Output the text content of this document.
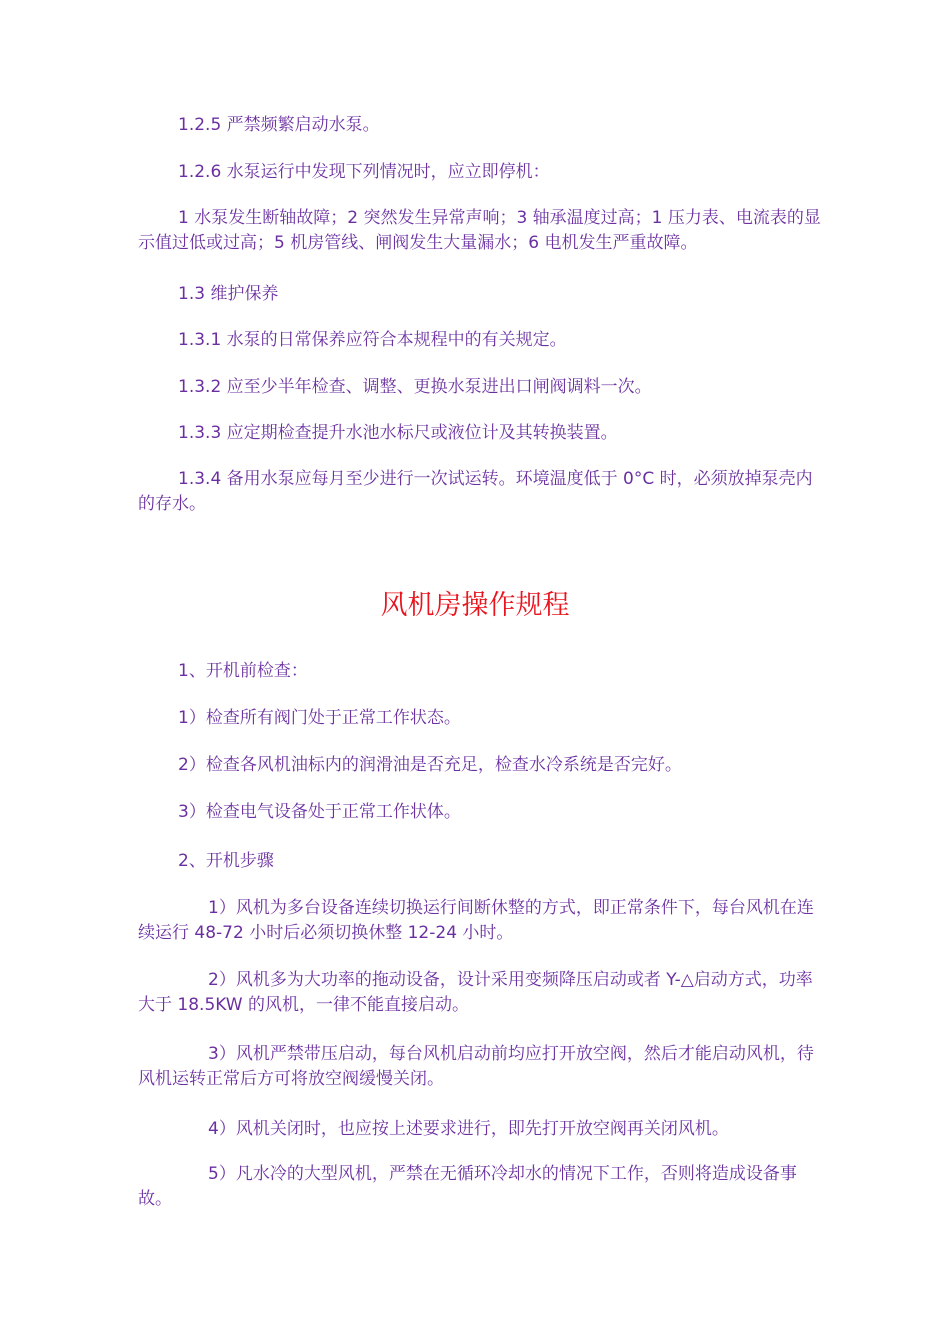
1.2.5 严禁频繁启动水泵。

1.2.6 水泵运行中发现下列情况时，应立即停机：

1 水泵发生断轴故障；2 突然发生异常声响；3 轴承温度过高；1 压力表、电流表的显示值过低或过高；5 机房管线、闸阀发生大量漏水；6 电机发生严重故障。

1.3 维护保养

1.3.1 水泵的日常保养应符合本规程中的有关规定。

1.3.2 应至少半年检查、调整、更换水泵进出口闸阀调料一次。

1.3.3 应定期检查提升水池水标尺或液位计及其转换装置。

1.3.4 备用水泵应每月至少进行一次试运转。环境温度低于 0°C 时，必须放掉泵壳内的存水。

风机房操作规程

1、开机前检查：

1）检查所有阀门处于正常工作状态。

2）检查各风机油标内的润滑油是否充足，检查水冷系统是否完好。

3）检查电气设备处于正常工作状体。

2、开机步骤

1）风机为多台设备连续切换运行间断休整的方式，即正常条件下，每台风机在连续运行 48-72 小时后必须切换休整 12-24 小时。

2）风机多为大功率的拖动设备，设计采用变频降压启动或者 Y-△启动方式，功率大于 18.5KW 的风机，一律不能直接启动。

3）风机严禁带压启动，每台风机启动前均应打开放空阀，然后才能启动风机，待风机运转正常后方可将放空阀缓慢关闭。

4）风机关闭时，也应按上述要求进行，即先打开放空阀再关闭风机。

5）凡水冷的大型风机，严禁在无循环冷却水的情况下工作，否则将造成设备事故。
